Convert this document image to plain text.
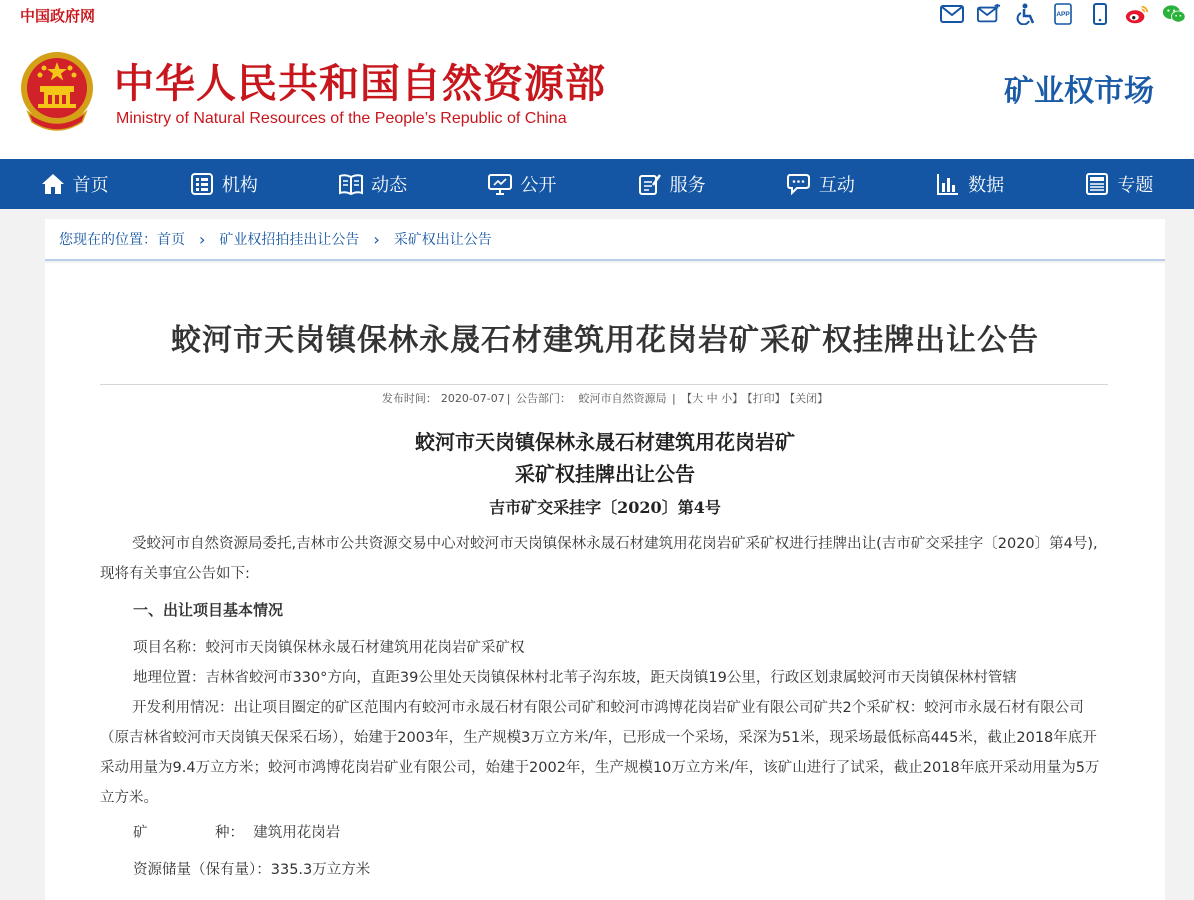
中国政府网	APP
中华人民共和国自然资源部
Ministry of Natural Resources of the People’s Republic of China
矿业权市场
首页	机构	动态	公开	服务	互动	数据	专题
您现在的位置： 首页 › 矿业权招拍挂出让公告 › 采矿权出让公告
蛟河市天岗镇保林永晟石材建筑用花岗岩矿采矿权挂牌出让公告
发布时间： 2020-07-07 | 公告部门： 蛟河市自然资源局 | 【大 中 小】 【打印】 【关闭】
蛟河市天岗镇保林永晟石材建筑用花岗岩矿
采矿权挂牌出让公告
吉市矿交采挂字〔2020〕第4号

受蛟河市自然资源局委托,吉林市公共资源交易中心对蛟河市天岗镇保林永晟石材建筑用花岗岩矿采矿权进行挂牌出让(吉市矿交采挂字〔2020〕第4号),现将有关事宜公告如下:

一、出让项目基本情况

项目名称：蛟河市天岗镇保林永晟石材建筑用花岗岩矿采矿权

地理位置：吉林省蛟河市330°方向，直距39公里处天岗镇保林村北苇子沟东坡，距天岗镇19公里，行政区划隶属蛟河市天岗镇保林村管辖

开发利用情况：出让项目圈定的矿区范围内有蛟河市永晟石材有限公司矿和蛟河市鸿博花岗岩矿业有限公司矿共2个采矿权：蛟河市永晟石材有限公司（原吉林省蛟河市天岗镇天保采石场），始建于2003年，生产规模3万立方米/年，已形成一个采场，采深为51米，现采场最低标高445米，截止2018年底开采动用量为9.4万立方米；蛟河市鸿博花岗岩矿业有限公司，始建于2002年，生产规模10万立方米/年，该矿山进行了试采，截止2018年底开采动用量为5万立方米。

矿	种： 建筑用花岗岩

资源储量（保有量）：335.3万立方米
